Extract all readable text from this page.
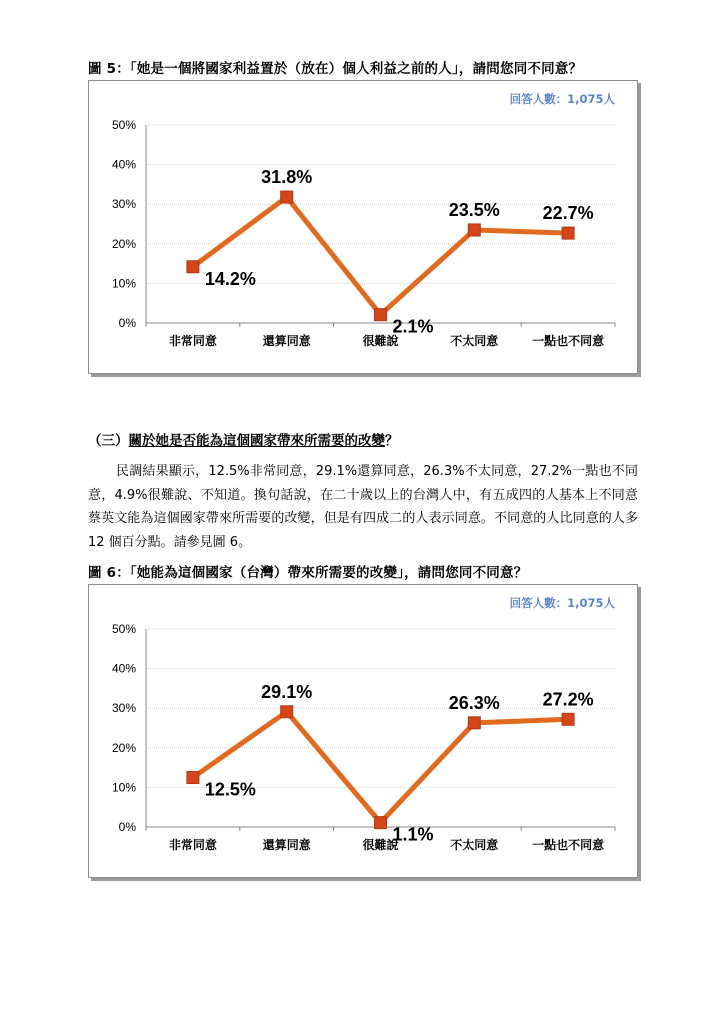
圖 5：「她是一個將國家利益置於（放在）個人利益之前的人」，請問您同不同意？
回答人數：1,075人
0%
10%
20%
30%
40%
50%
非常同意	還算同意	很難說	不太同意	一點也不同意
14.2%
31.8%
2.1%
23.5% 22.7%
（三）關於她是否能為這個國家帶來所需要的改變？
民調結果顯示，12.5%非常同意，29.1%還算同意，26.3%不太同意，27.2%一點也不同意，4.9%很難說、不知道。換句話說，在二十歲以上的台灣人中，有五成四的人基本上不同意蔡英文能為這個國家帶來所需要的改變，但是有四成二的人表示同意。不同意的人比同意的人多 12 個百分點。請參見圖 6。
圖 6：「她能為這個國家（台灣）帶來所需要的改變」，請問您同不同意？
回答人數：1,075人
0%
10%
20%
30%
40%
50%
非常同意	還算同意	很難說	不太同意	一點也不同意
12.5%
29.1%
1.1%
26.3% 27.2%
